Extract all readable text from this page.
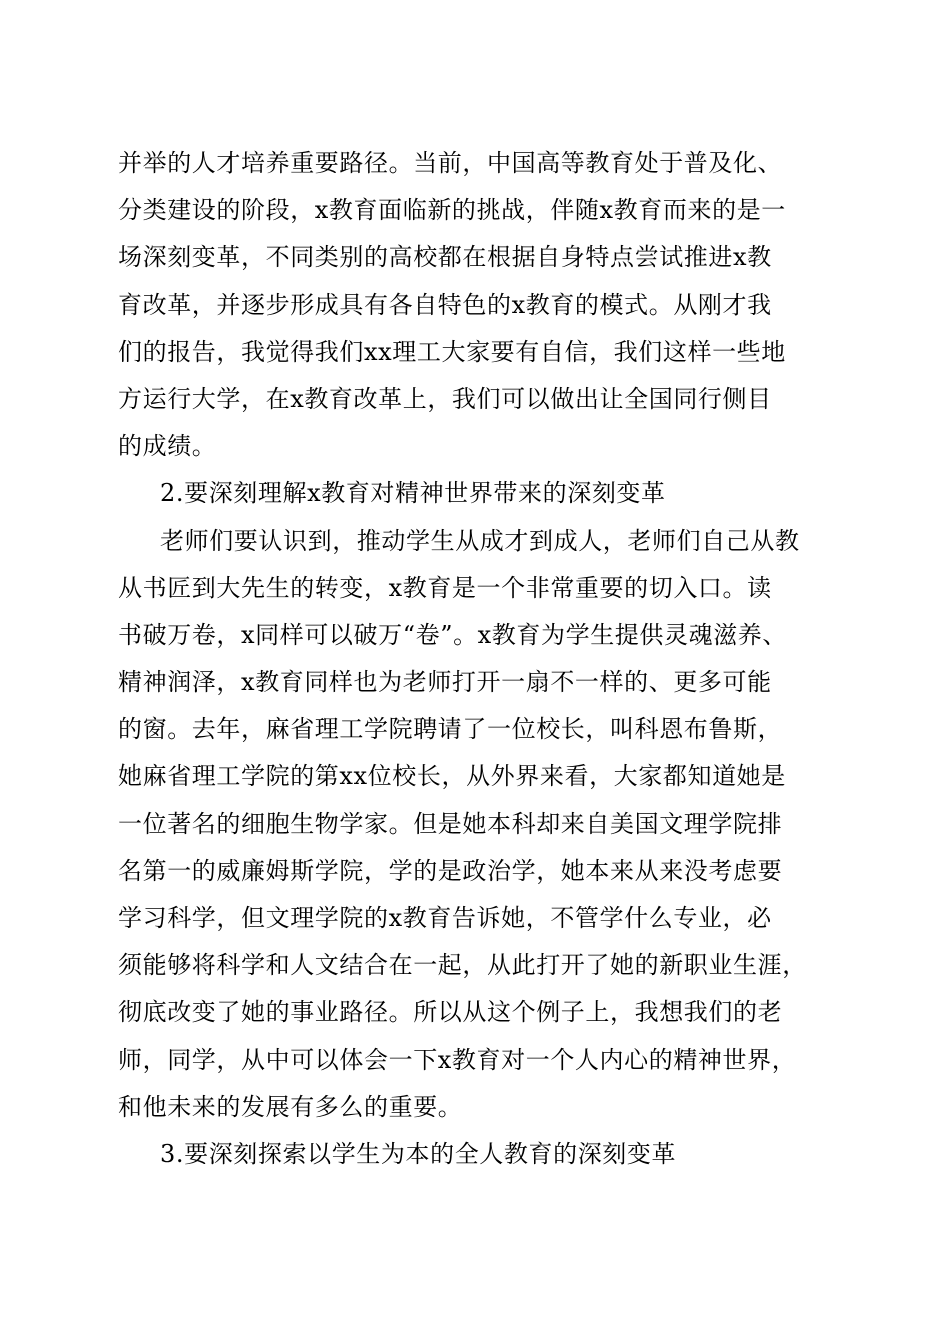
并举的人才培养重要路径。当前，中国高等教育处于普及化、
分类建设的阶段，x教育面临新的挑战，伴随x教育而来的是一
场深刻变革，不同类别的高校都在根据自身特点尝试推进x教
育改革，并逐步形成具有各自特色的x教育的模式。从刚才我
们的报告，我觉得我们xx理工大家要有自信，我们这样一些地
方运行大学，在x教育改革上，我们可以做出让全国同行侧目
的成绩。
2.要深刻理解x教育对精神世界带来的深刻变革
老师们要认识到，推动学生从成才到成人，老师们自己从教
从书匠到大先生的转变，x教育是一个非常重要的切入口。读
书破万卷，x同样可以破万“卷”。x教育为学生提供灵魂滋养、
精神润泽，x教育同样也为老师打开一扇不一样的、更多可能
的窗。去年，麻省理工学院聘请了一位校长，叫科恩布鲁斯，
她麻省理工学院的第xx位校长，从外界来看，大家都知道她是
一位著名的细胞生物学家。但是她本科却来自美国文理学院排
名第一的威廉姆斯学院，学的是政治学，她本来从来没考虑要
学习科学，但文理学院的x教育告诉她，不管学什么专业，必
须能够将科学和人文结合在一起，从此打开了她的新职业生涯，
彻底改变了她的事业路径。所以从这个例子上，我想我们的老
师，同学，从中可以体会一下x教育对一个人内心的精神世界，
和他未来的发展有多么的重要。
3.要深刻探索以学生为本的全人教育的深刻变革
